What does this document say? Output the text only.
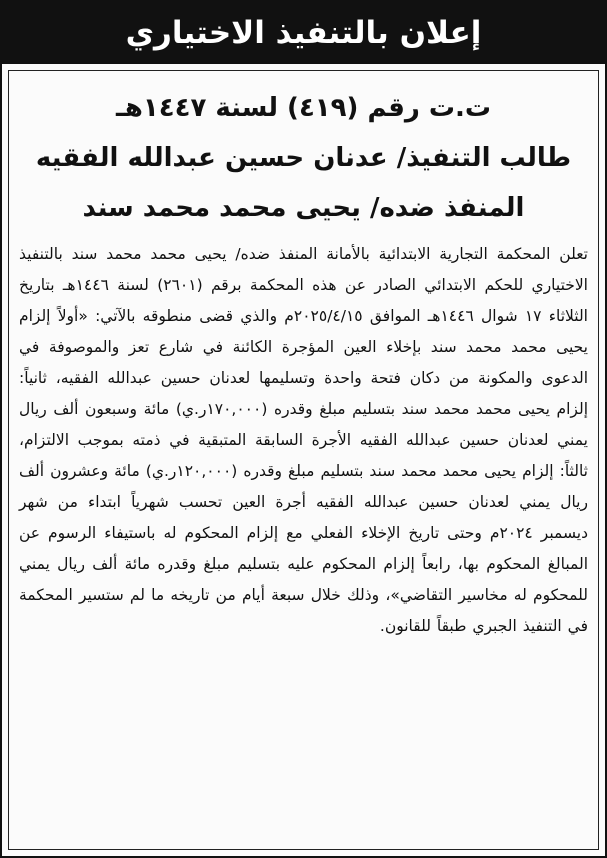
إعلان بالتنفيذ الاختياري

ت.ت رقم (٤١٩) لسنة ١٤٤٧هـ

طالب التنفيذ/ عدنان حسين عبدالله الفقيه

المنفذ ضده/ يحيى محمد محمد سند

تعلن المحكمة التجارية الابتدائية بالأمانة المنفذ ضده/ يحيى محمد محمد سند بالتنفيذ الاختياري للحكم الابتدائي الصادر عن هذه المحكمة برقم (٢٦٠١) لسنة ١٤٤٦هـ بتاريخ الثلاثاء ١٧ شوال ١٤٤٦هـ الموافق ٢٠٢٥/٤/١٥م والذي قضى منطوقه بالآتي: «أولاً إلزام يحيى محمد محمد سند بإخلاء العين المؤجرة الكائنة في شارع تعز والموصوفة في الدعوى والمكونة من دكان فتحة واحدة وتسليمها لعدنان حسين عبدالله الفقيه، ثانياً: إلزام يحيى محمد محمد سند بتسليم مبلغ وقدره (١٧٠,٠٠٠ر.ي) مائة وسبعون ألف ريال يمني لعدنان حسين عبدالله الفقيه الأجرة السابقة المتبقية في ذمته بموجب الالتزام، ثالثاً: إلزام يحيى محمد محمد سند بتسليم مبلغ وقدره (١٢٠,٠٠٠ر.ي) مائة وعشرون ألف ريال يمني لعدنان حسين عبدالله الفقيه أجرة العين تحسب شهرياً ابتداء من شهر ديسمبر ٢٠٢٤م وحتى تاريخ الإخلاء الفعلي مع إلزام المحكوم له باستيفاء الرسوم عن المبالغ المحكوم بها، رابعاً إلزام المحكوم عليه بتسليم مبلغ وقدره مائة ألف ريال يمني للمحكوم له مخاسير التقاضي»، وذلك خلال سبعة أيام من تاريخه ما لم ستسير المحكمة في التنفيذ الجبري طبقاً للقانون.
